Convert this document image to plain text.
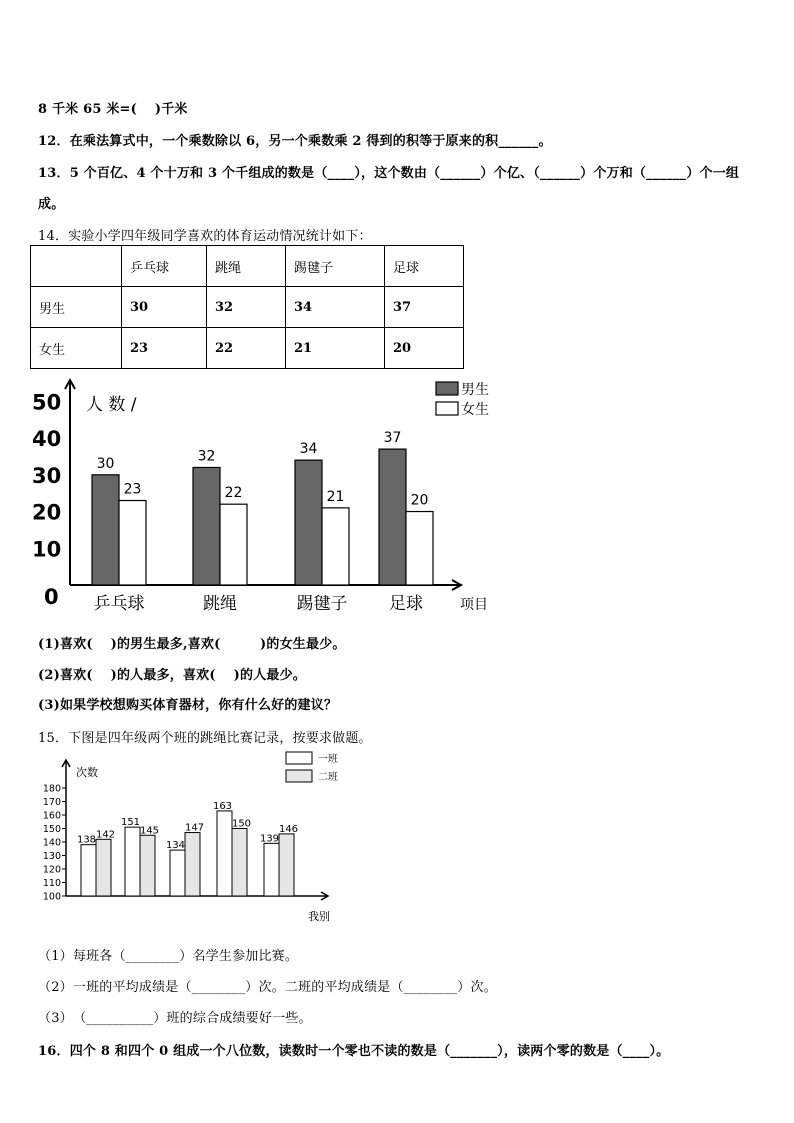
8 千米 65 米=(　 )千米
12．在乘法算式中，一个乘数除以 6，另一个乘数乘 2 得到的积等于原来的积______。
13．5 个百亿、4 个十万和 3 个千组成的数是（____），这个数由（______）个亿、（______）个万和（______）个一组
成。
14．实验小学四年级同学喜欢的体育运动情况统计如下：
	乒乓球	跳绳	踢毽子	足球
男生	30	32	34	37
女生	23	22	21	20
50
40
30
20
10
0
人 数 /
30
23
乒乓球
32
22
跳绳
34
21
踢毽子
37
20
足球	项目
男生
女生
(1)喜欢(　 )的男生最多,喜欢(　　　)的女生最少。
(2)喜欢(　 )的人最多，喜欢(　 )的人最少。
(3)如果学校想购买体育器材，你有什么好的建议？
15．下图是四年级两个班的跳绳比赛记录，按要求做题。
180
170
160
150
140
130
120
110
100
次数
我别
138 142
151
145
134
147
163
150
139
146
一班
二班
（1）每班各（________）名学生参加比赛。
（2）一班的平均成绩是（________）次。二班的平均成绩是（________）次。
（3）　（__________）班的综合成绩要好一些。
16．四个 8 和四个 0 组成一个八位数，读数时一个零也不读的数是（_______），读两个零的数是（____）。
